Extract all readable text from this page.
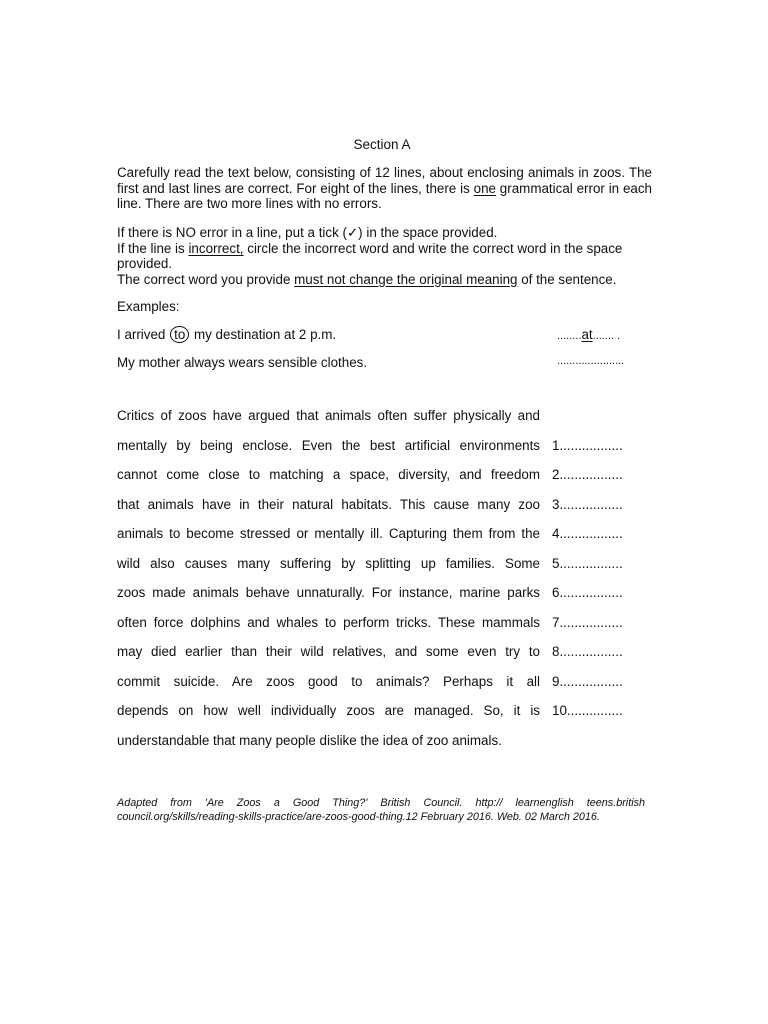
Section A

Carefully read the text below, consisting of 12 lines, about enclosing animals in zoos. The first and last lines are correct. For eight of the lines, there is one grammatical error in each line. There are two more lines with no errors.

If there is NO error in a line, put a tick (✓) in the space provided.

If the line is incorrect, circle the incorrect word and write the correct word in the space provided.

The correct word you provide must not change the original meaning of the sentence.

Examples:
I arrived to my destination at 2 p.m.	........at....... .
My mother always wears sensible clothes.	......................
Critics of zoos have argued that animals often suffer physically and
mentally by being enclose. Even the best artificial environments 1.................
cannot come close to matching a space, diversity, and freedom 2.................
that animals have in their natural habitats. This cause many zoo 3.................
animals to become stressed or mentally ill. Capturing them from the 4.................
wild also causes many suffering by splitting up families. Some 5.................
zoos made animals behave unnaturally. For instance, marine parks 6.................
often force dolphins and whales to perform tricks. These mammals 7.................
may died earlier than their wild relatives, and some even try to 8.................
commit suicide. Are zoos good to animals? Perhaps it all 9.................
depends on how well individually zoos are managed. So, it is 10...............
understandable that many people dislike the idea of zoo animals.
Adapted from 'Are Zoos a Good Thing?' British Council. http:// learnenglish teens.british council.org/skills/reading-skills-practice/are-zoos-good-thing.12 February 2016. Web. 02 March 2016.
